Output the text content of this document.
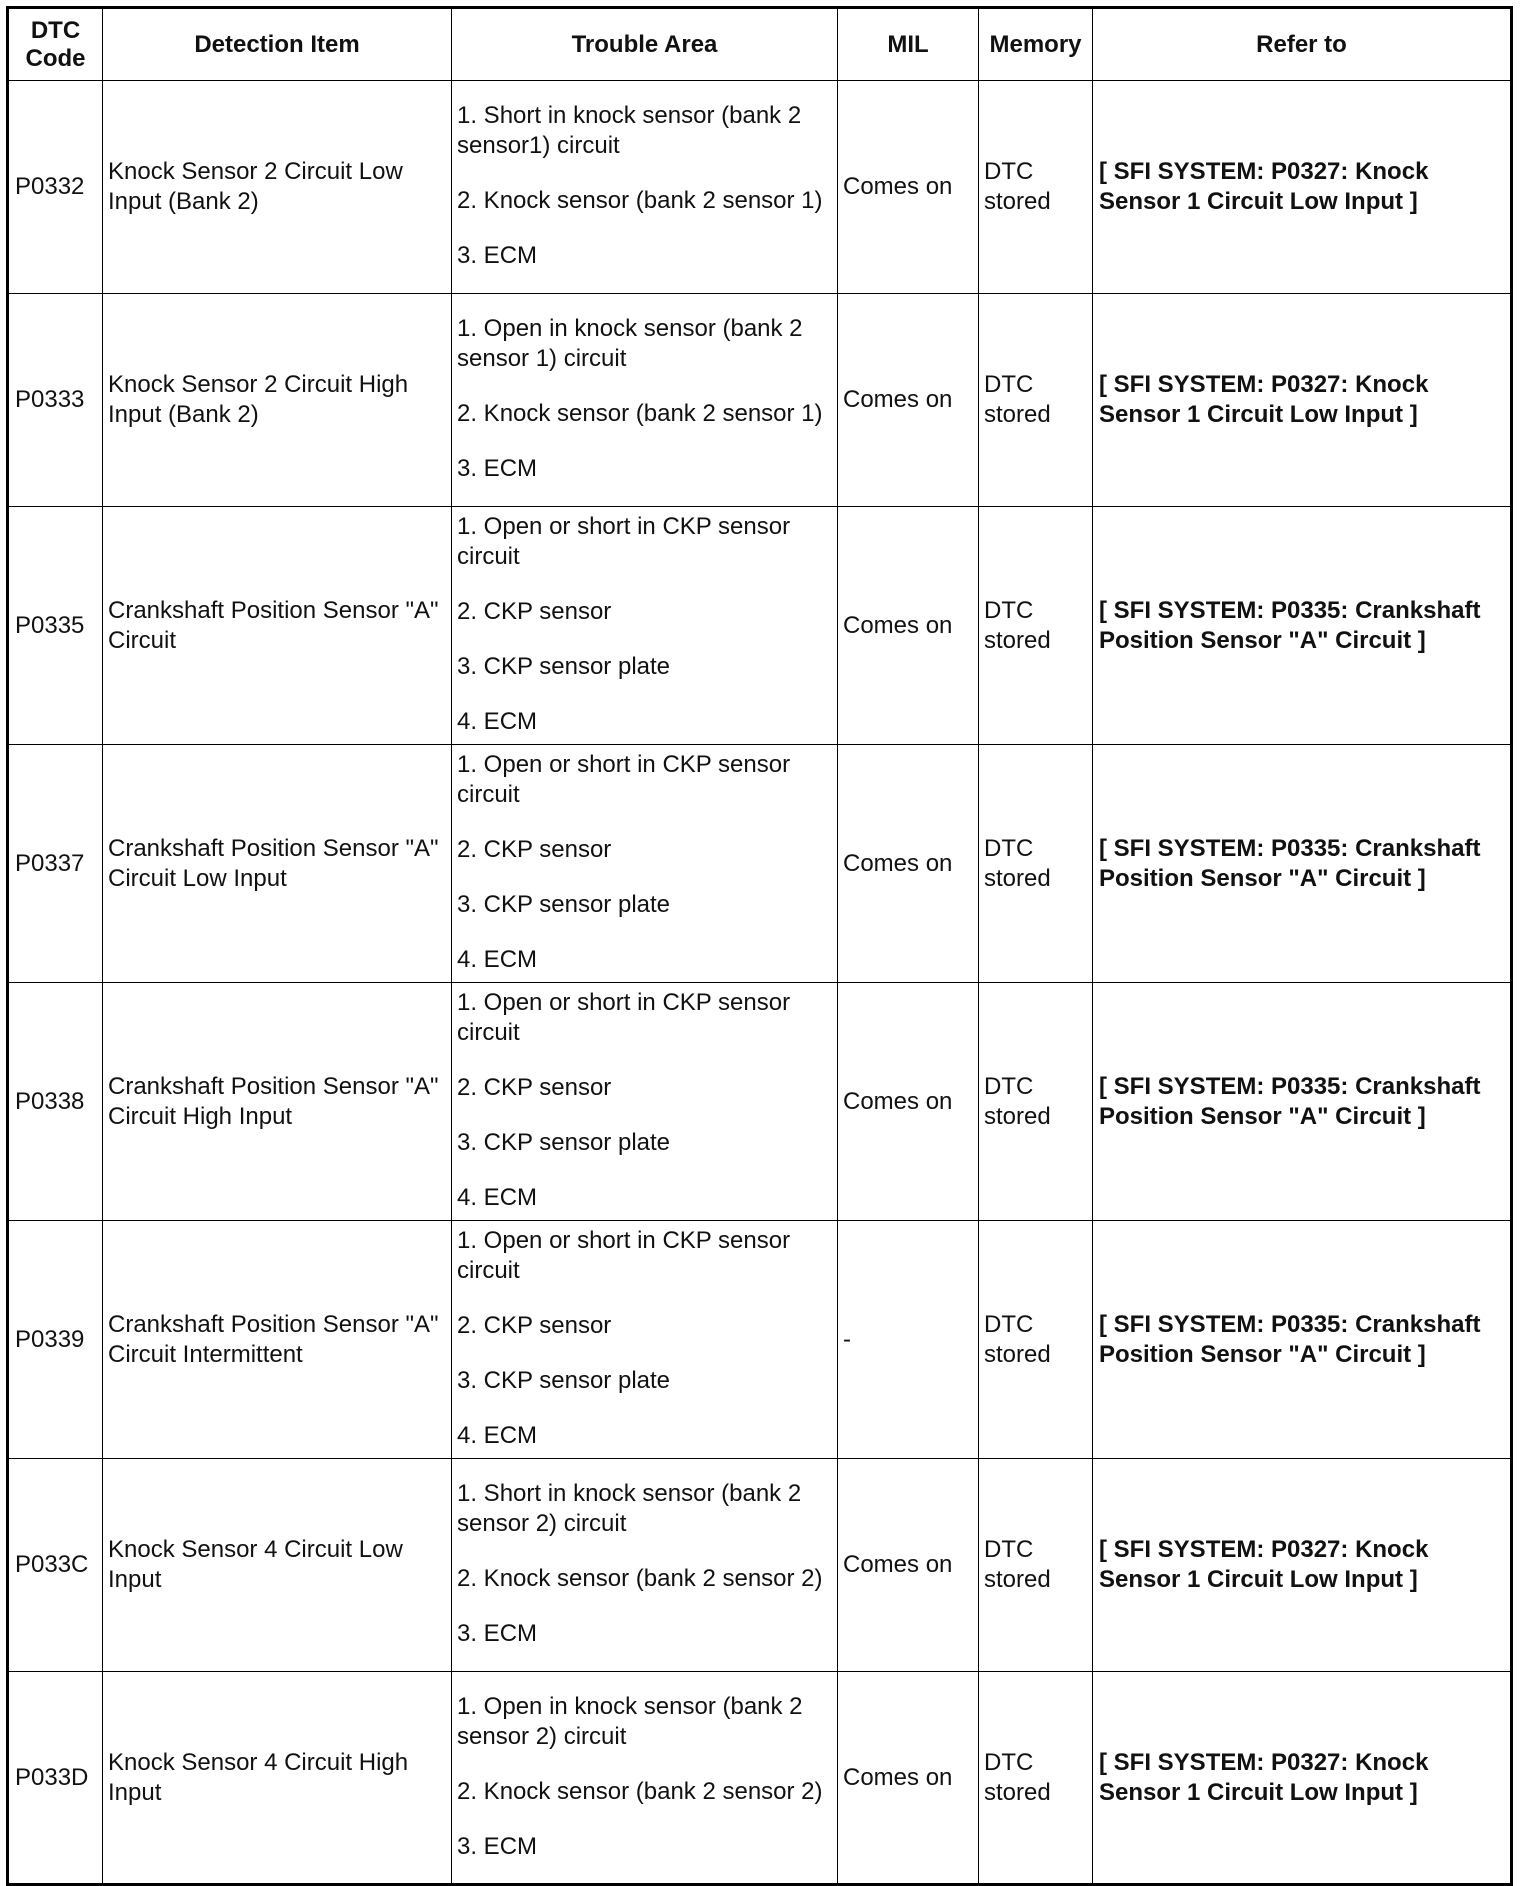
DTC Code	Detection Item	Trouble Area	MIL	Memory	Refer to
P0332	Knock Sensor 2 Circuit Low Input (Bank 2)	1. Short in knock sensor (bank 2 sensor1) circuit
2. Knock sensor (bank 2 sensor 1)
3. ECM	Comes on	DTC stored	[ SFI SYSTEM: P0327: Knock Sensor 1 Circuit Low Input ]
P0333	Knock Sensor 2 Circuit High Input (Bank 2)	1. Open in knock sensor (bank 2 sensor 1) circuit
2. Knock sensor (bank 2 sensor 1)
3. ECM	Comes on	DTC stored	[ SFI SYSTEM: P0327: Knock Sensor 1 Circuit Low Input ]
P0335	Crankshaft Position Sensor "A" Circuit	1. Open or short in CKP sensor circuit
2. CKP sensor
3. CKP sensor plate
4. ECM	Comes on	DTC stored	[ SFI SYSTEM: P0335: Crankshaft Position Sensor "A" Circuit ]
P0337	Crankshaft Position Sensor "A" Circuit Low Input	1. Open or short in CKP sensor circuit
2. CKP sensor
3. CKP sensor plate
4. ECM	Comes on	DTC stored	[ SFI SYSTEM: P0335: Crankshaft Position Sensor "A" Circuit ]
P0338	Crankshaft Position Sensor "A" Circuit High Input	1. Open or short in CKP sensor circuit
2. CKP sensor
3. CKP sensor plate
4. ECM	Comes on	DTC stored	[ SFI SYSTEM: P0335: Crankshaft Position Sensor "A" Circuit ]
P0339	Crankshaft Position Sensor "A" Circuit Intermittent	1. Open or short in CKP sensor circuit
2. CKP sensor
3. CKP sensor plate
4. ECM	-	DTC stored	[ SFI SYSTEM: P0335: Crankshaft Position Sensor "A" Circuit ]
P033C	Knock Sensor 4 Circuit Low Input	1. Short in knock sensor (bank 2 sensor 2) circuit
2. Knock sensor (bank 2 sensor 2)
3. ECM	Comes on	DTC stored	[ SFI SYSTEM: P0327: Knock Sensor 1 Circuit Low Input ]
P033D	Knock Sensor 4 Circuit High Input	1. Open in knock sensor (bank 2 sensor 2) circuit
2. Knock sensor (bank 2 sensor 2)
3. ECM	Comes on	DTC stored	[ SFI SYSTEM: P0327: Knock Sensor 1 Circuit Low Input ]
